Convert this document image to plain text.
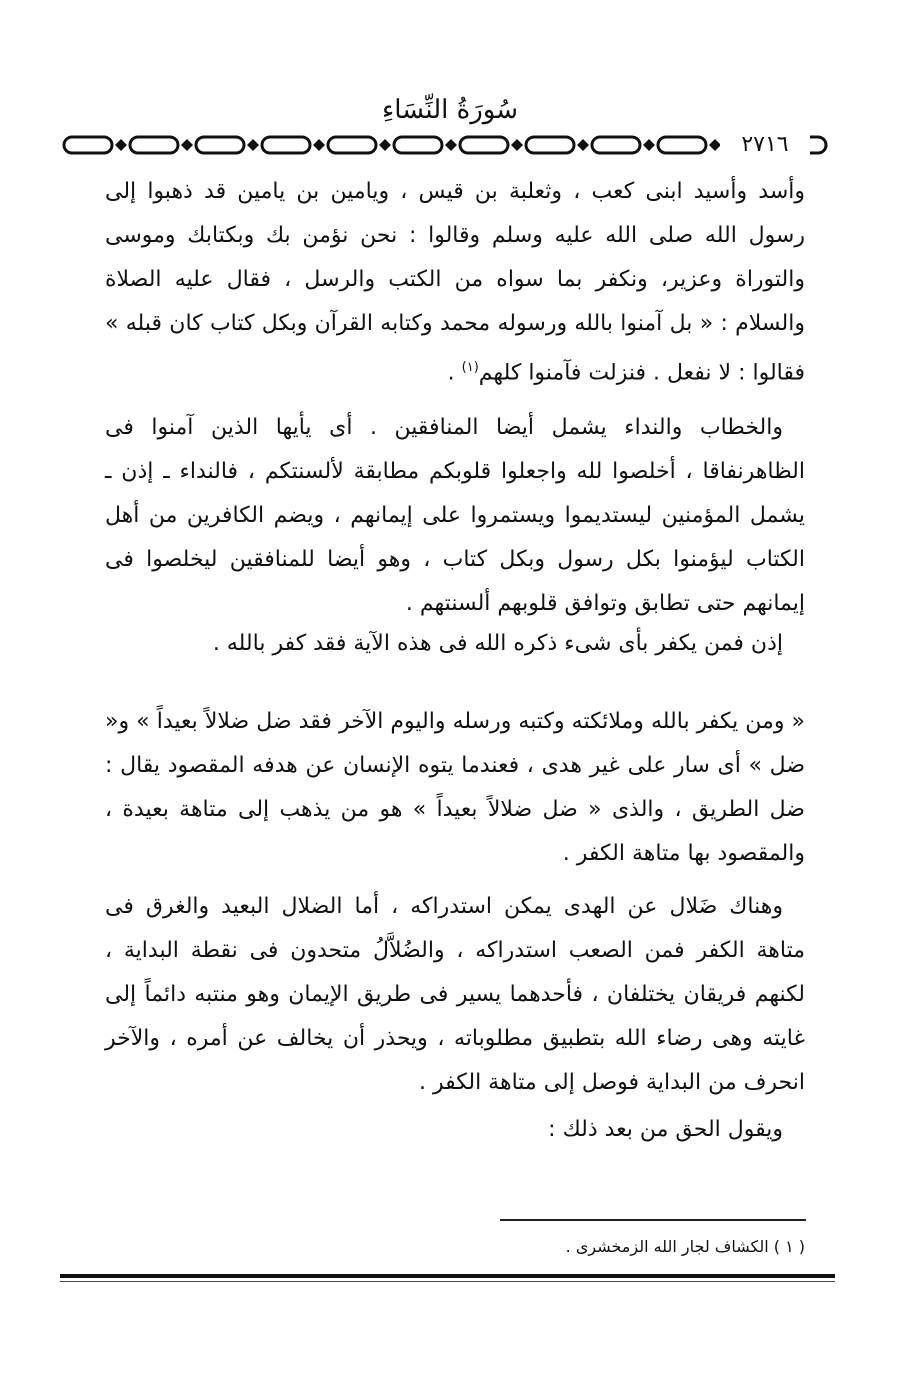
سُورَةُ النِّسَاءِ
٢٧١٦

وأسد وأسيد ابنى كعب ، وثعلبة بن قيس ، ويامين بن يامين قد ذهبوا إلى رسول الله صلى الله عليه وسلم وقالوا : نحن نؤمن بك وبكتابك وموسى والتوراة وعزير، ونكفر بما سواه من الكتب والرسل ، فقال عليه الصلاة والسلام : « بل آمنوا بالله ورسوله محمد وكتابه القرآن وبكل كتاب كان قبله » فقالوا : لا نفعل . فنزلت فآمنوا كلهم$^{(١)}$ .

والخطاب والنداء يشمل أيضا المنافقين . أى يأيها الذين آمنوا فى الظاهرنفاقا ، أخلصوا لله واجعلوا قلوبكم مطابقة لألسنتكم ، فالنداء ـ إذن ـ يشمل المؤمنين ليستديموا ويستمروا على إيمانهم ، ويضم الكافرين من أهل الكتاب ليؤمنوا بكل رسول وبكل كتاب ، وهو أيضا للمنافقين ليخلصوا فى إيمانهم حتى تطابق وتوافق قلوبهم ألسنتهم .

إذن فمن يكفر بأى شىء ذكره الله فى هذه الآية فقد كفر بالله .

« ومن يكفر بالله وملائكته وكتبه ورسله واليوم الآخر فقد ضل ضلالاً بعيداً » و« ضل » أى سار على غير هدى ، فعندما يتوه الإنسان عن هدفه المقصود يقال : ضل الطريق ، والذى « ضل ضلالاً بعيداً » هو من يذهب إلى متاهة بعيدة ، والمقصود بها متاهة الكفر .

وهناك ضَلال عن الهدى يمكن استدراكه ، أما الضلال البعيد والغرق فى متاهة الكفر فمن الصعب استدراكه ، والضُلاَّلُ متحدون فى نقطة البداية ، لكنهم فريقان يختلفان ، فأحدهما يسير فى طريق الإيمان وهو منتبه دائماً إلى غايته وهى رضاء الله بتطبيق مطلوباته ، ويحذر أن يخالف عن أمره ، والآخر انحرف من البداية فوصل إلى متاهة الكفر .

ويقول الحق من بعد ذلك :

( ١ ) الكشاف لجار الله الزمخشرى .
